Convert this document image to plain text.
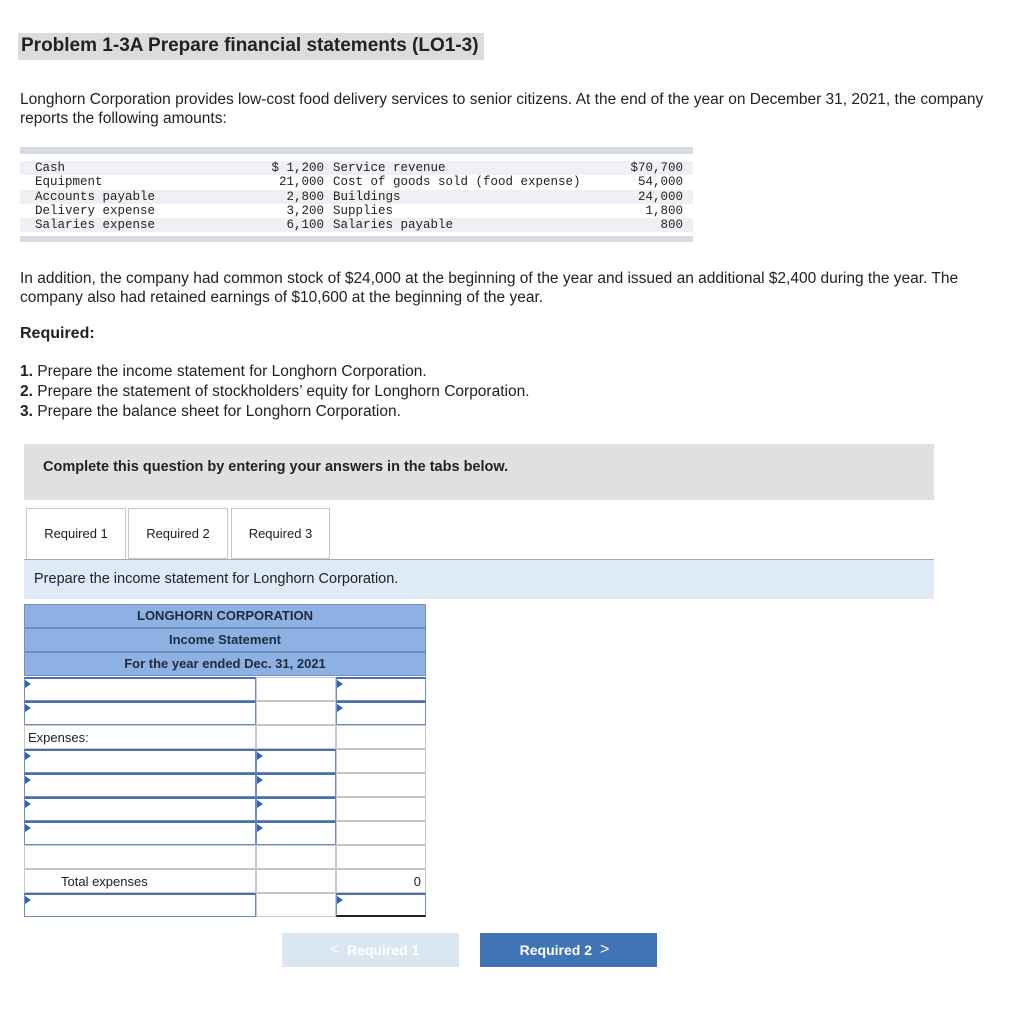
Problem 1-3A Prepare financial statements (LO1-3)
Longhorn Corporation provides low-cost food delivery services to senior citizens. At the end of the year on December 31, 2021, the company reports the following amounts:
Cash	$ 1,200 Service revenue	$70,700
Equipment	21,000 Cost of goods sold (food expense)	54,000
Accounts payable	2,800 Buildings	24,000
Delivery expense	3,200 Supplies	1,800
Salaries expense	6,100 Salaries payable	800
In addition, the company had common stock of $24,000 at the beginning of the year and issued an additional $2,400 during the year. The company also had retained earnings of $10,600 at the beginning of the year.
Required:
1. Prepare the income statement for Longhorn Corporation.
2. Prepare the statement of stockholders’ equity for Longhorn Corporation.
3. Prepare the balance sheet for Longhorn Corporation.
Complete this question by entering your answers in the tabs below.
Required 1	Required 2	Required 3
Prepare the income statement for Longhorn Corporation.
LONGHORN CORPORATION
Income Statement
For the year ended Dec. 31, 2021
Expenses:
Total expenses	0
< Required 1	Required 2 >
